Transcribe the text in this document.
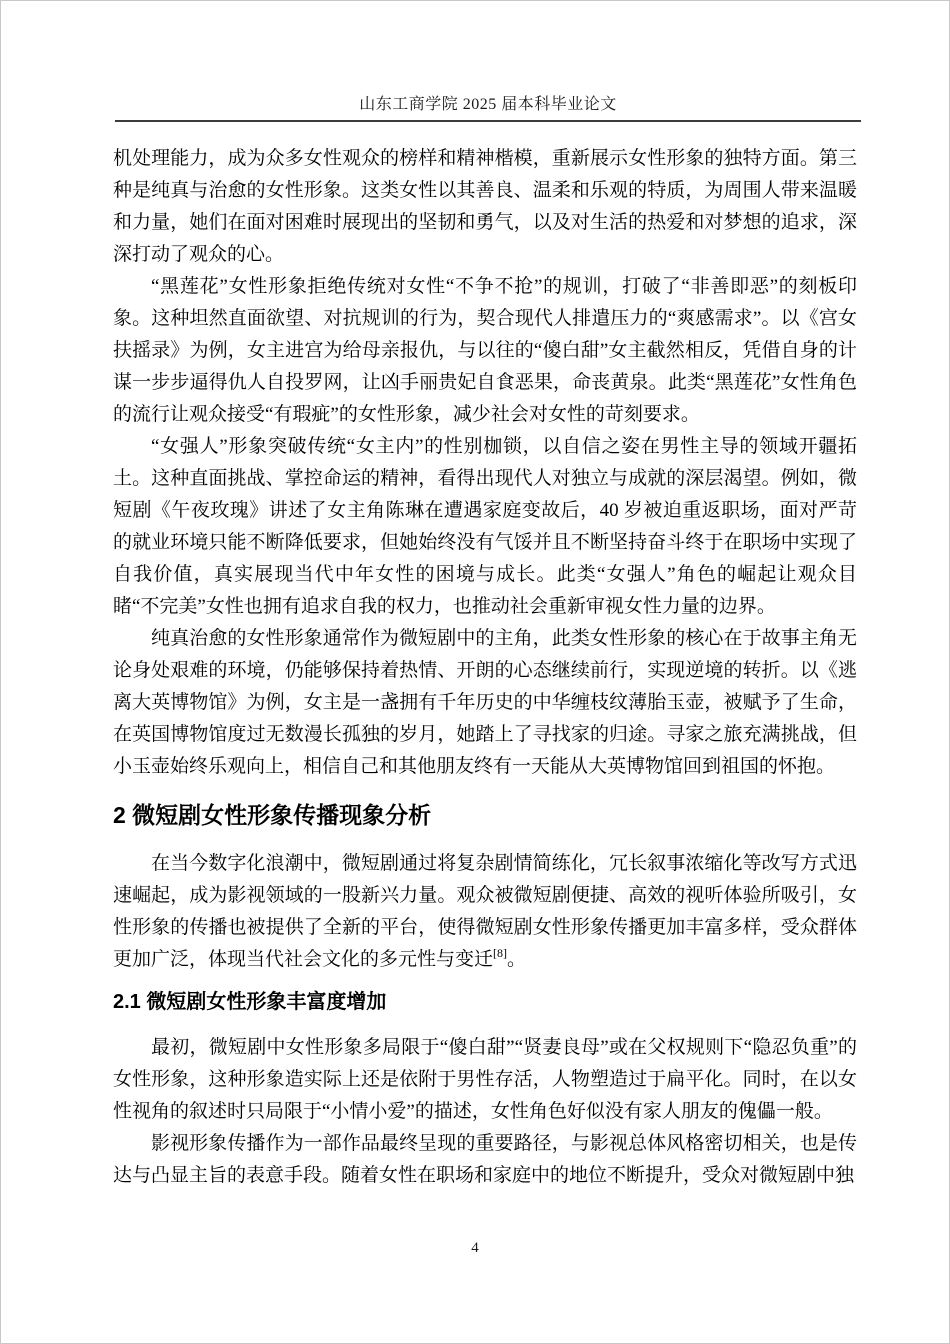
山东工商学院 2025 届本科毕业论文

机处理能力，成为众多女性观众的榜样和精神楷模，重新展示女性形象的独特方面。第三种是纯真与治愈的女性形象。这类女性以其善良、温柔和乐观的特质，为周围人带来温暖和力量，她们在面对困难时展现出的坚韧和勇气，以及对生活的热爱和对梦想的追求，深深打动了观众的心。

“黑莲花”女性形象拒绝传统对女性“不争不抢”的规训，打破了“非善即恶”的刻板印象。这种坦然直面欲望、对抗规训的行为，契合现代人排遣压力的“爽感需求”。以《宫女扶摇录》为例，女主进宫为给母亲报仇，与以往的“傻白甜”女主截然相反，凭借自身的计谋一步步逼得仇人自投罗网，让凶手丽贵妃自食恶果，命丧黄泉。此类“黑莲花”女性角色的流行让观众接受“有瑕疵”的女性形象，减少社会对女性的苛刻要求。

“女强人”形象突破传统“女主内”的性别枷锁，以自信之姿在男性主导的领域开疆拓土。这种直面挑战、掌控命运的精神，看得出现代人对独立与成就的深层渴望。例如，微短剧《午夜玫瑰》讲述了女主角陈琳在遭遇家庭变故后，40 岁被迫重返职场，面对严苛的就业环境只能不断降低要求，但她始终没有气馁并且不断坚持奋斗终于在职场中实现了自我价值，真实展现当代中年女性的困境与成长。此类“女强人”角色的崛起让观众目睹“不完美”女性也拥有追求自我的权力，也推动社会重新审视女性力量的边界。

纯真治愈的女性形象通常作为微短剧中的主角，此类女性形象的核心在于故事主角无论身处艰难的环境，仍能够保持着热情、开朗的心态继续前行，实现逆境的转折。以《逃离大英博物馆》为例，女主是一盏拥有千年历史的中华缠枝纹薄胎玉壶，被赋予了生命，在英国博物馆度过无数漫长孤独的岁月，她踏上了寻找家的归途。寻家之旅充满挑战，但小玉壶始终乐观向上，相信自己和其他朋友终有一天能从大英博物馆回到祖国的怀抱。

2 微短剧女性形象传播现象分析

在当今数字化浪潮中，微短剧通过将复杂剧情简练化，冗长叙事浓缩化等改写方式迅速崛起，成为影视领域的一股新兴力量。观众被微短剧便捷、高效的视听体验所吸引，女性形象的传播也被提供了全新的平台，使得微短剧女性形象传播更加丰富多样，受众群体更加广泛，体现当代社会文化的多元性与变迁[8]。

2.1 微短剧女性形象丰富度增加

最初，微短剧中女性形象多局限于“傻白甜”“贤妻良母”或在父权规则下“隐忍负重”的女性形象，这种形象造实际上还是依附于男性存活，人物塑造过于扁平化。同时，在以女性视角的叙述时只局限于“小情小爱”的描述，女性角色好似没有家人朋友的傀儡一般。

影视形象传播作为一部作品最终呈现的重要路径，与影视总体风格密切相关，也是传达与凸显主旨的表意手段。随着女性在职场和家庭中的地位不断提升，受众对微短剧中独

4
